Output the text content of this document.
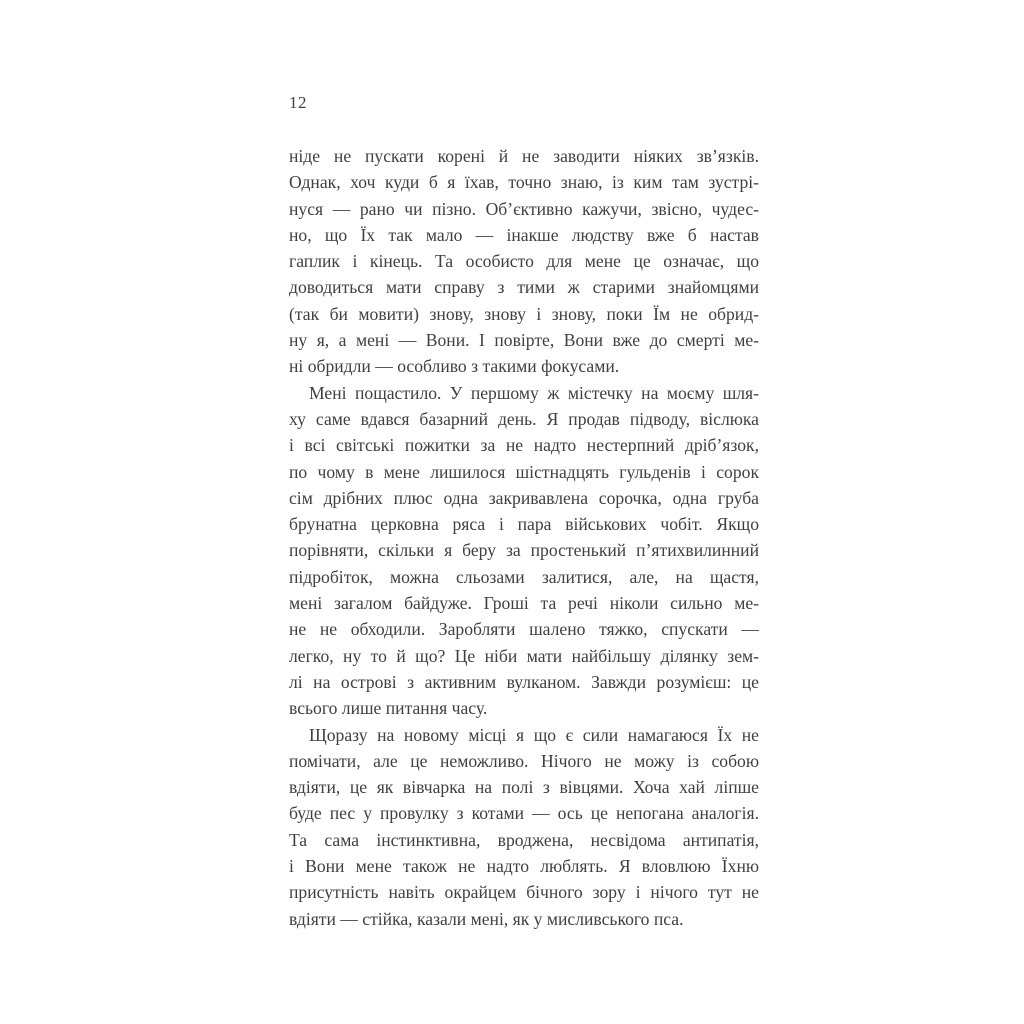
12

ніде не пускати корені й не заводити ніяких зв’язків.
Однак, хоч куди б я їхав, точно знаю, із ким там зустрі-
нуся — рано чи пізно. Об’єктивно кажучи, звісно, чудес-
но, що Їх так мало — інакше людству вже б настав
гаплик і кінець. Та особисто для мене це означає, що
доводиться мати справу з тими ж старими знайомцями
(так би мовити) знову, знову і знову, поки Їм не обрид-
ну я, а мені — Вони. І повірте, Вони вже до смерті ме-
ні обридли — особливо з такими фокусами.

Мені пощастило. У першому ж містечку на моєму шля-
ху саме вдався базарний день. Я продав підводу, віслюка
і всі світські пожитки за не надто нестерпний дріб’язок,
по чому в мене лишилося шістнадцять гульденів і сорок
сім дрібних плюс одна закривавлена сорочка, одна груба
брунатна церковна ряса і пара військових чобіт. Якщо
порівняти, скільки я беру за простенький п’ятихвилинний
підробіток, можна сльозами залитися, але, на щастя,
мені загалом байдуже. Гроші та речі ніколи сильно ме-
не не обходили. Заробляти шалено тяжко, спускати —
легко, ну то й що? Це ніби мати найбільшу ділянку зем-
лі на острові з активним вулканом. Завжди розумієш: це
всього лише питання часу.

Щоразу на новому місці я що є сили намагаюся Їх не
помічати, але це неможливо. Нічого не можу із собою
вдіяти, це як вівчарка на полі з вівцями. Хоча хай ліпше
буде пес у провулку з котами — ось це непогана аналогія.
Та сама інстинктивна, вроджена, несвідома антипатія,
і Вони мене також не надто люблять. Я вловлюю Їхню
присутність навіть окрайцем бічного зору і нічого тут не
вдіяти — стійка, казали мені, як у мисливського пса.
